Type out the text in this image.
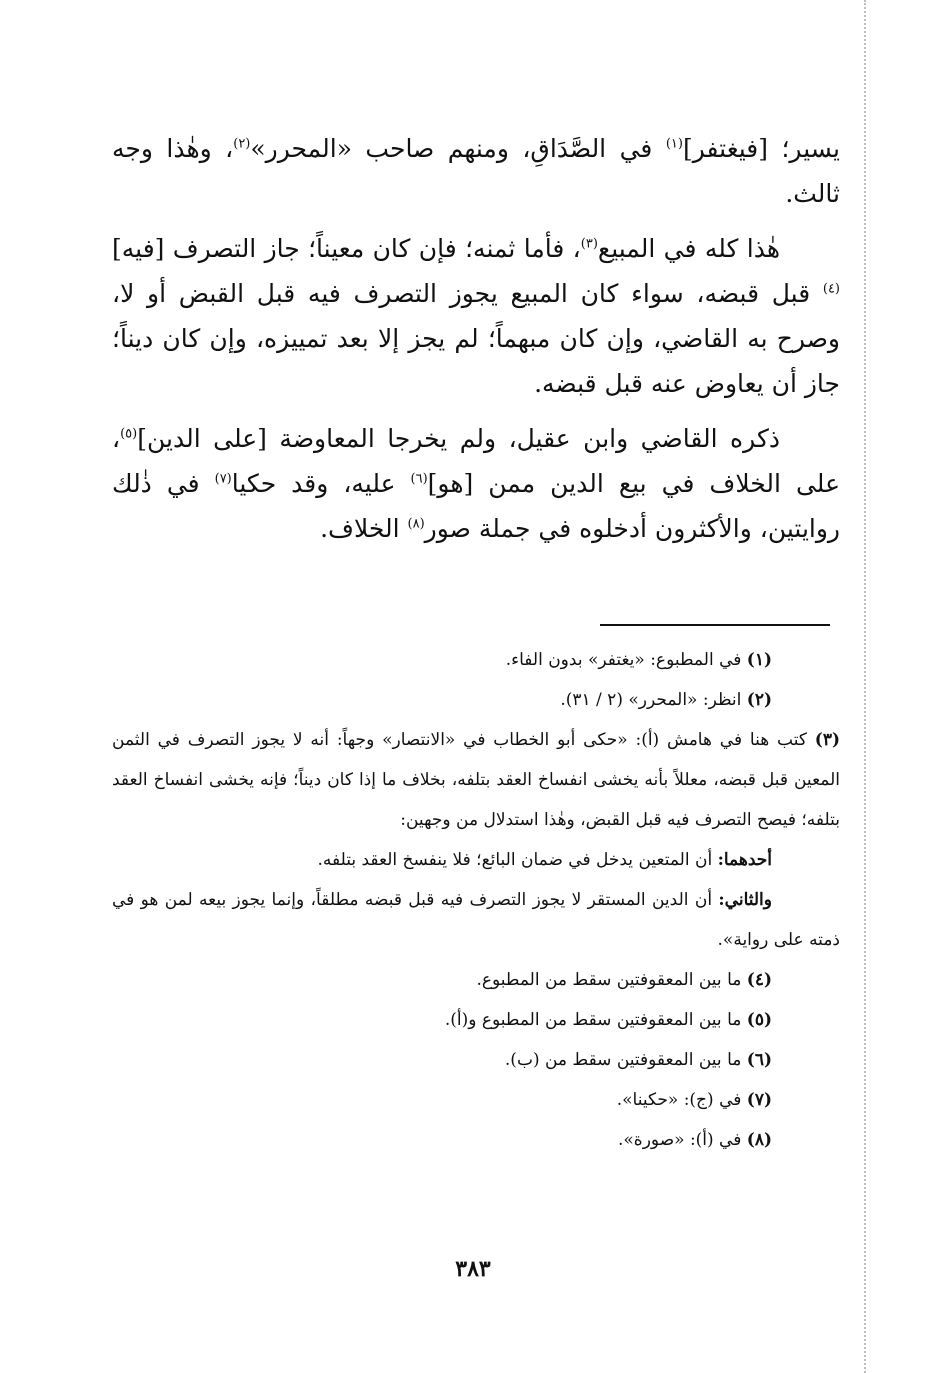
يسير؛ [فيغتفر]$^{(١)}$ في الصَّدَاقِ، ومنهم صاحب «المحرر»$^{(٢)}$، وهٰذا وجه ثالث.

هٰذا كله في المبيع$^{(٣)}$، فأما ثمنه؛ فإن كان معيناً؛ جاز التصرف [فيه]$^{(٤)}$ قبل قبضه، سواء كان المبيع يجوز التصرف فيه قبل القبض أو لا، وصرح به القاضي، وإن كان مبهماً؛ لم يجز إلا بعد تمييزه، وإن كان ديناً؛ جاز أن يعاوض عنه قبل قبضه.

ذكره القاضي وابن عقيل، ولم يخرجا المعاوضة [على الدين]$^{(٥)}$، على الخلاف في بيع الدين ممن [هو]$^{(٦)}$ عليه، وقد حكيا$^{(٧)}$ في ذٰلك روايتين، والأكثرون أدخلوه في جملة صور$^{(٨)}$ الخلاف.

(١) في المطبوع: «يغتفر» بدون الفاء.

(٢) انظر: «المحرر» (٢ / ٣١).

(٣) كتب هنا في هامش (أ): «حكى أبو الخطاب في «الانتصار» وجهاً: أنه لا يجوز التصرف في الثمن المعين قبل قبضه، معللاً بأنه يخشى انفساخ العقد بتلفه، بخلاف ما إذا كان ديناً؛ فإنه يخشى انفساخ العقد بتلفه؛ فيصح التصرف فيه قبل القبض، وهٰذا استدلال من وجهين:

أحدهما: أن المتعين يدخل في ضمان البائع؛ فلا ينفسخ العقد بتلفه.

والثاني: أن الدين المستقر لا يجوز التصرف فيه قبل قبضه مطلقاً، وإنما يجوز بيعه لمن هو في ذمته على رواية».

(٤) ما بين المعقوفتين سقط من المطبوع.

(٥) ما بين المعقوفتين سقط من المطبوع و(أ).

(٦) ما بين المعقوفتين سقط من (ب).

(٧) في (ج): «حكينا».

(٨) في (أ): «صورة».

٣٨٣
